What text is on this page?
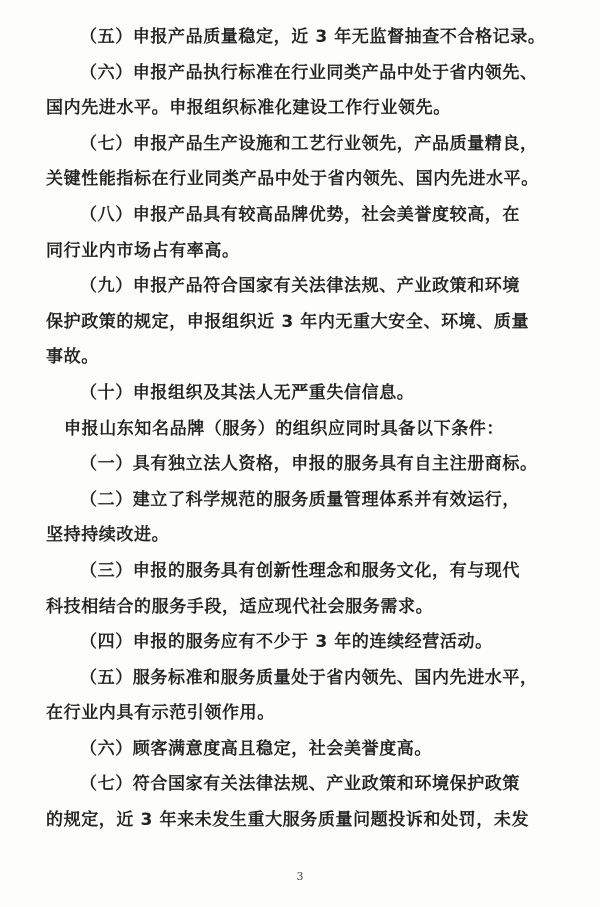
（五）申报产品质量稳定，近 3 年无监督抽查不合格记录。
（六）申报产品执行标准在行业同类产品中处于省内领先、
国内先进水平。申报组织标准化建设工作行业领先。
（七）申报产品生产设施和工艺行业领先，产品质量精良，
关键性能指标在行业同类产品中处于省内领先、国内先进水平。
（八）申报产品具有较高品牌优势，社会美誉度较高，在
同行业内市场占有率高。
（九）申报产品符合国家有关法律法规、产业政策和环境
保护政策的规定，申报组织近 3 年内无重大安全、环境、质量
事故。
（十）申报组织及其法人无严重失信信息。
申报山东知名品牌（服务）的组织应同时具备以下条件：
（一）具有独立法人资格，申报的服务具有自主注册商标。
（二）建立了科学规范的服务质量管理体系并有效运行，
坚持持续改进。
（三）申报的服务具有创新性理念和服务文化，有与现代
科技相结合的服务手段，适应现代社会服务需求。
（四）申报的服务应有不少于 3 年的连续经营活动。
（五）服务标准和服务质量处于省内领先、国内先进水平，
在行业内具有示范引领作用。
（六）顾客满意度高且稳定，社会美誉度高。
（七）符合国家有关法律法规、产业政策和环境保护政策
的规定，近 3 年来未发生重大服务质量问题投诉和处罚，未发

3
